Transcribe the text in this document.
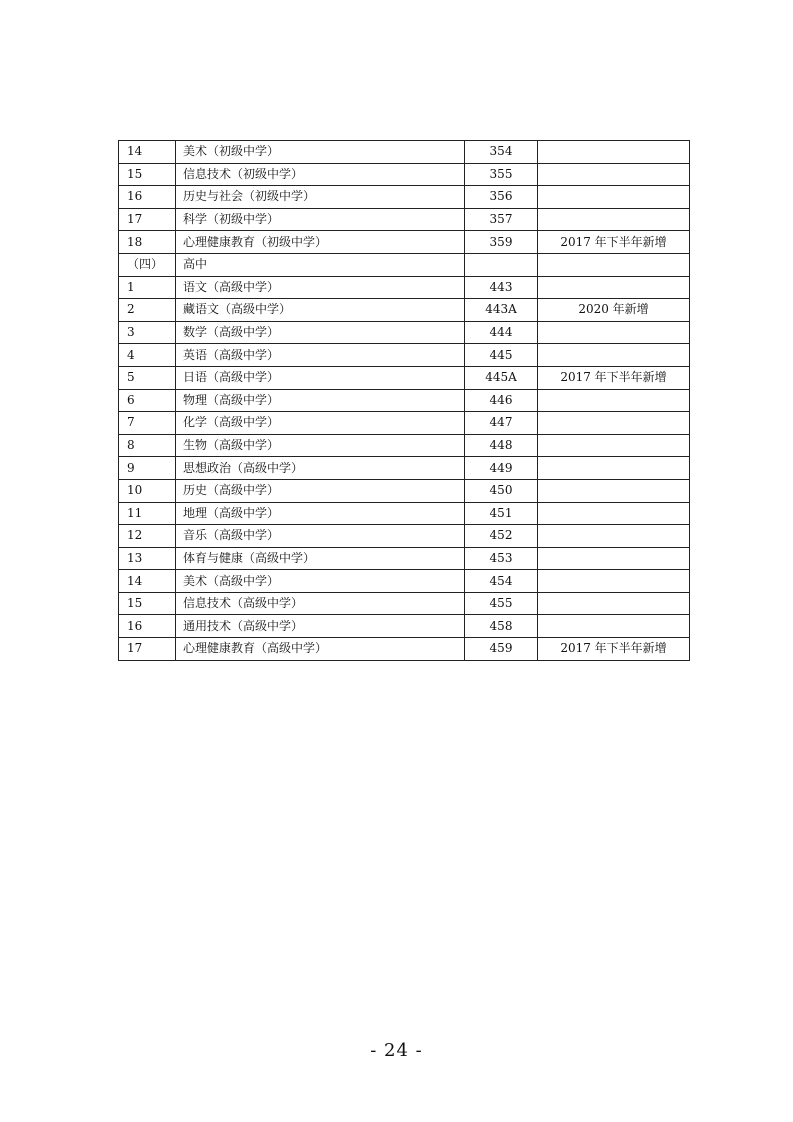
14	美术（初级中学）	354	
15	信息技术（初级中学）	355	
16	历史与社会（初级中学）	356	
17	科学（初级中学）	357	
18	心理健康教育（初级中学）	359	2017 年下半年新增
（四）	高中		
1	语文（高级中学）	443	
2	藏语文（高级中学）	443A	2020 年新增
3	数学（高级中学）	444	
4	英语（高级中学）	445	
5	日语（高级中学）	445A	2017 年下半年新增
6	物理（高级中学）	446	
7	化学（高级中学）	447	
8	生物（高级中学）	448	
9	思想政治（高级中学）	449	
10	历史（高级中学）	450	
11	地理（高级中学）	451	
12	音乐（高级中学）	452	
13	体育与健康（高级中学）	453	
14	美术（高级中学）	454	
15	信息技术（高级中学）	455	
16	通用技术（高级中学）	458	
17	心理健康教育（高级中学）	459	2017 年下半年新增
- 24 -
